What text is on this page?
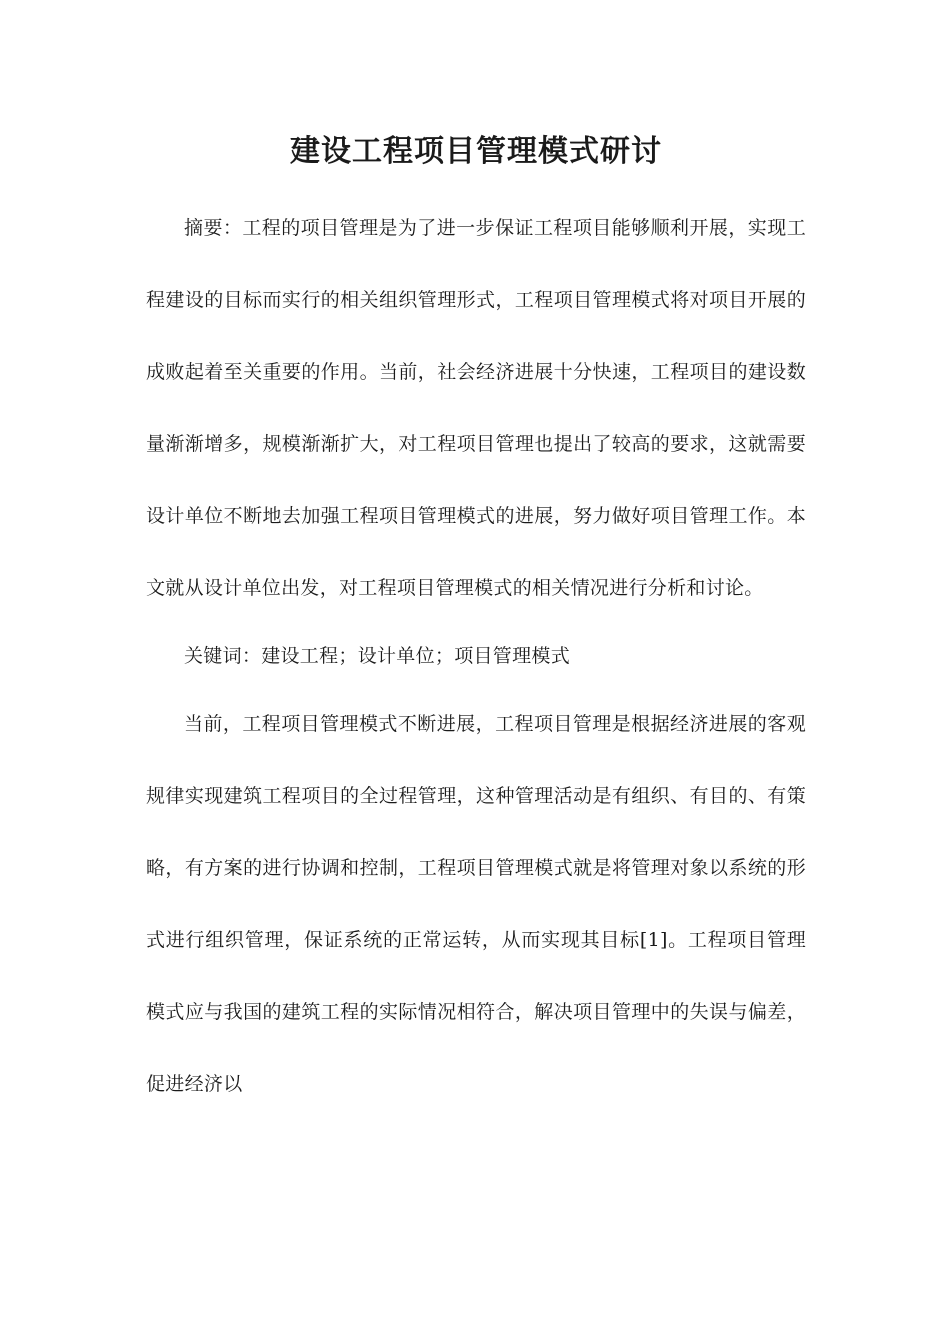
建设工程项目管理模式研讨

摘要：工程的项目管理是为了进一步保证工程项目能够顺利开展，实现工程建设的目标而实行的相关组织管理形式，工程项目管理模式将对项目开展的成败起着至关重要的作用。当前，社会经济进展十分快速，工程项目的建设数量渐渐增多，规模渐渐扩大，对工程项目管理也提出了较高的要求，这就需要设计单位不断地去加强工程项目管理模式的进展，努力做好项目管理工作。本文就从设计单位出发，对工程项目管理模式的相关情况进行分析和讨论。

关键词：建设工程；设计单位；项目管理模式

当前，工程项目管理模式不断进展，工程项目管理是根据经济进展的客观规律实现建筑工程项目的全过程管理，这种管理活动是有组织、有目的、有策略，有方案的进行协调和控制，工程项目管理模式就是将管理对象以系统的形式进行组织管理，保证系统的正常运转，从而实现其目标[1]。工程项目管理模式应与我国的建筑工程的实际情况相符合，解决项目管理中的失误与偏差，促进经济以
